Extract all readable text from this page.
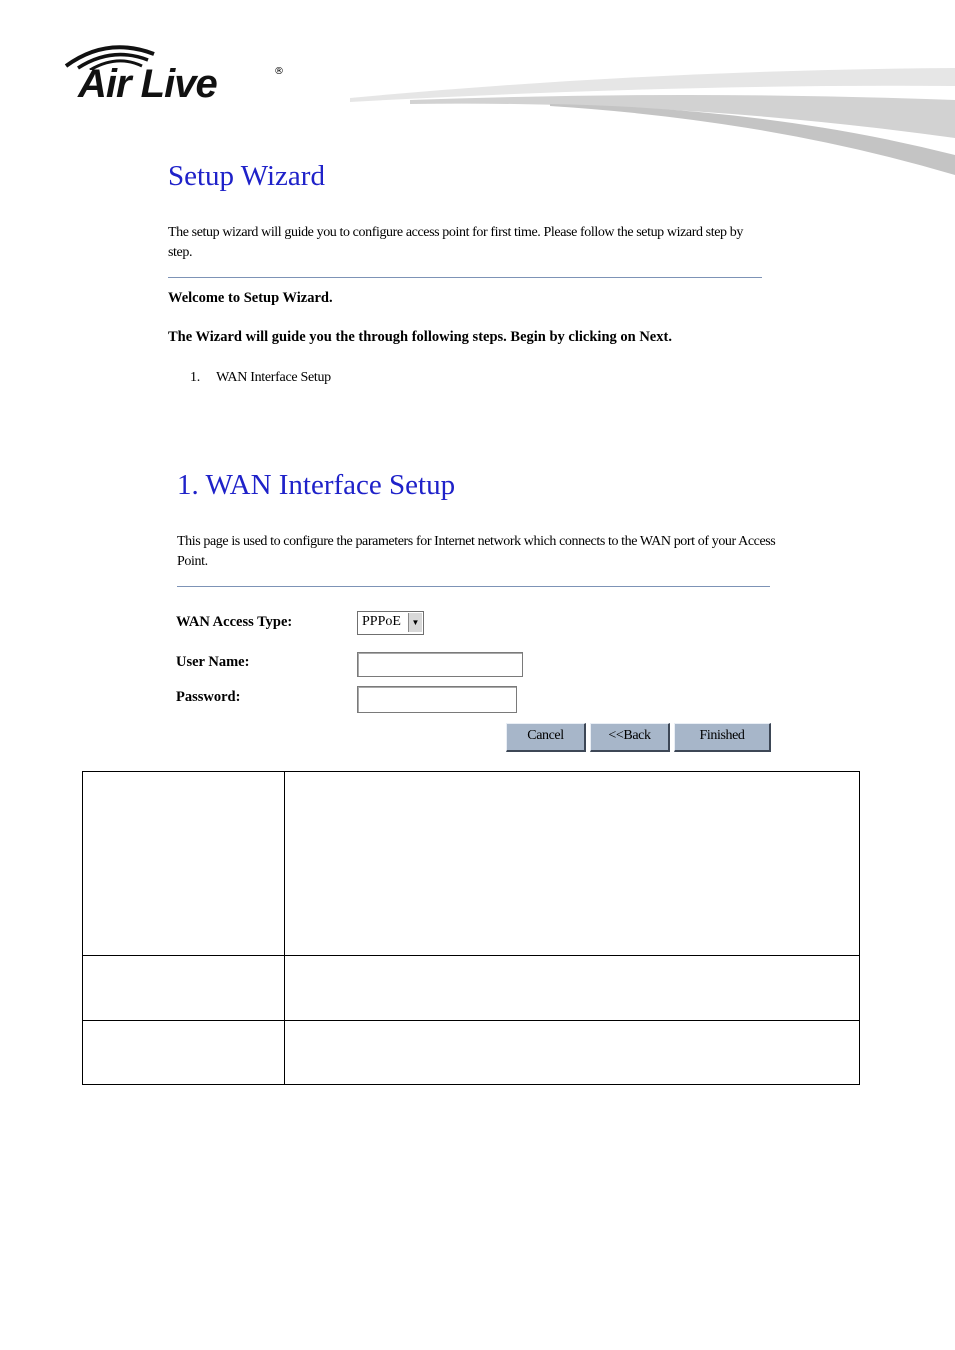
Air Live	®
Setup Wizard
The setup wizard will guide you to configure access point for first time. Please follow the setup wizard step by step.
Welcome to Setup Wizard.
The Wizard will guide you the through following steps. Begin by clicking on Next.
1. WAN Interface Setup
1. WAN Interface Setup
This page is used to configure the parameters for Internet network which connects to the WAN port of your Access Point.
WAN Access Type:	PPPoE	▼
User Name:
Password:
Cancel	<<Back	Finished
